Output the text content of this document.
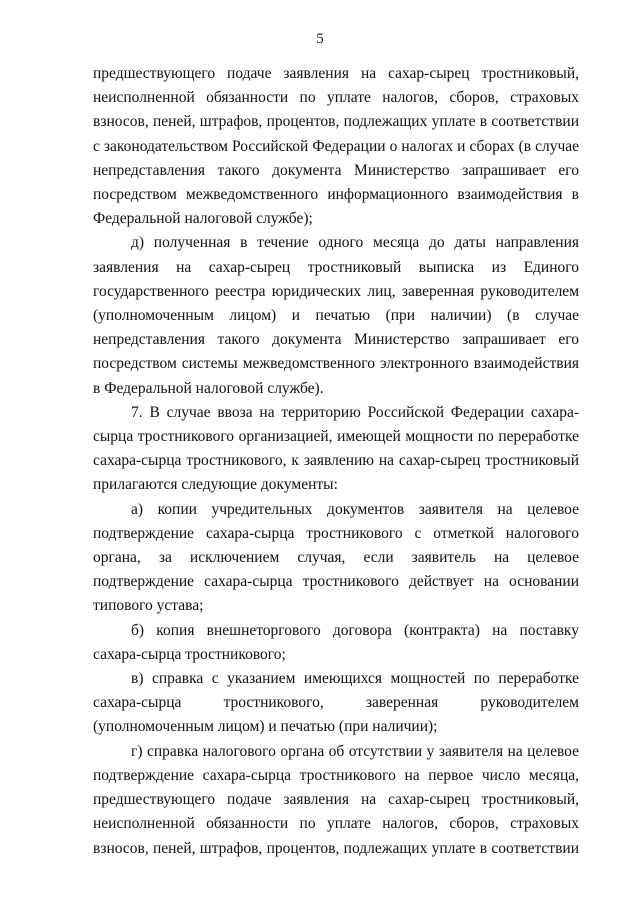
5

предшествующего подаче заявления на сахар-сырец тростниковый, неисполненной обязанности по уплате налогов, сборов, страховых взносов, пеней, штрафов, процентов, подлежащих уплате в соответствии с законодательством Российской Федерации о налогах и сборах (в случае непредставления такого документа Министерство запрашивает его посредством межведомственного информационного взаимодействия в Федеральной налоговой службе);

д) полученная в течение одного месяца до даты направления заявления на сахар-сырец тростниковый выписка из Единого государственного реестра юридических лиц, заверенная руководителем (уполномоченным лицом) и печатью (при наличии) (в случае непредставления такого документа Министерство запрашивает его посредством системы межведомственного электронного взаимодействия в Федеральной налоговой службе).

7. В случае ввоза на территорию Российской Федерации сахара-сырца тростникового организацией, имеющей мощности по переработке сахара-сырца тростникового, к заявлению на сахар-сырец тростниковый прилагаются следующие документы:

а) копии учредительных документов заявителя на целевое подтверждение сахара-сырца тростникового с отметкой налогового органа, за исключением случая, если заявитель на целевое подтверждение сахара-сырца тростникового действует на основании типового устава;

б) копия внешнеторгового договора (контракта) на поставку сахара-сырца тростникового;

в) справка с указанием имеющихся мощностей по переработке сахара-сырца тростникового, заверенная руководителем (уполномоченным лицом) и печатью (при наличии);

г) справка налогового органа об отсутствии у заявителя на целевое подтверждение сахара-сырца тростникового на первое число месяца, предшествующего подаче заявления на сахар-сырец тростниковый, неисполненной обязанности по уплате налогов, сборов, страховых взносов, пеней, штрафов, процентов, подлежащих уплате в соответствии
